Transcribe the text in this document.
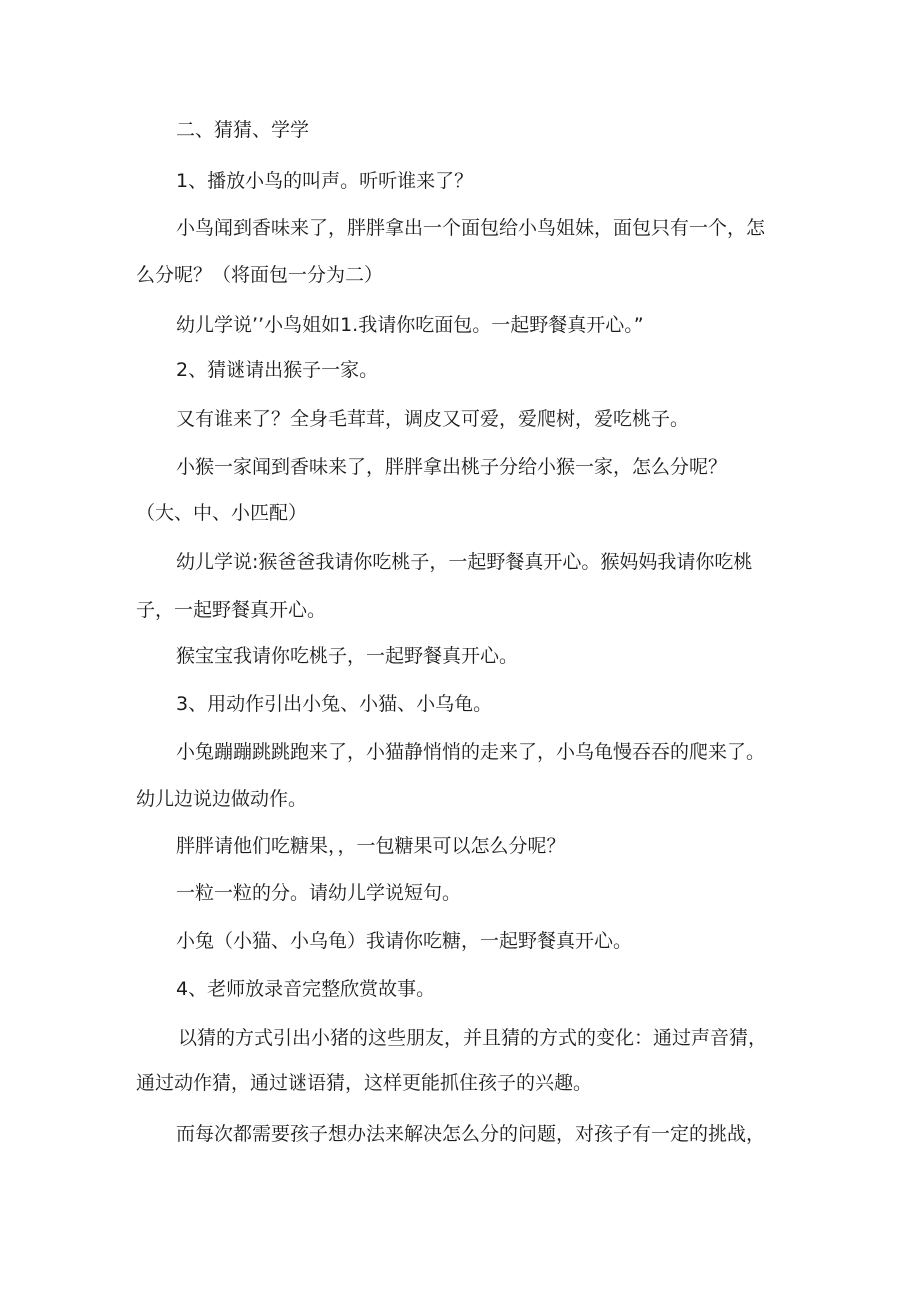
二、猜猜、学学

1、播放小鸟的叫声。听听谁来了？

小鸟闻到香味来了，胖胖拿出一个面包给小鸟姐妹，面包只有一个，怎

么分呢？（将面包一分为二）

幼儿学说’’小鸟姐如1.我请你吃面包。一起野餐真开心。”

2、猜谜请出猴子一家。

又有谁来了？全身毛茸茸，调皮又可爱，爱爬树，爱吃桃子。

小猴一家闻到香味来了，胖胖拿出桃子分给小猴一家，怎么分呢？

（大、中、小匹配）

幼儿学说:猴爸爸我请你吃桃子，一起野餐真开心。猴妈妈我请你吃桃

子，一起野餐真开心。

猴宝宝我请你吃桃子，一起野餐真开心。

3、用动作引出小兔、小猫、小乌龟。

小兔蹦蹦跳跳跑来了，小猫静悄悄的走来了，小乌龟慢吞吞的爬来了。

幼儿边说边做动作。

胖胖请他们吃糖果，，一包糖果可以怎么分呢？

一粒一粒的分。请幼儿学说短句。

小兔（小猫、小乌龟）我请你吃糖，一起野餐真开心。

4、老师放录音完整欣赏故事。

以猜的方式引出小猪的这些朋友，并且猜的方式的变化：通过声音猜，

通过动作猜，通过谜语猜，这样更能抓住孩子的兴趣。

而每次都需要孩子想办法来解决怎么分的问题，对孩子有一定的挑战，
